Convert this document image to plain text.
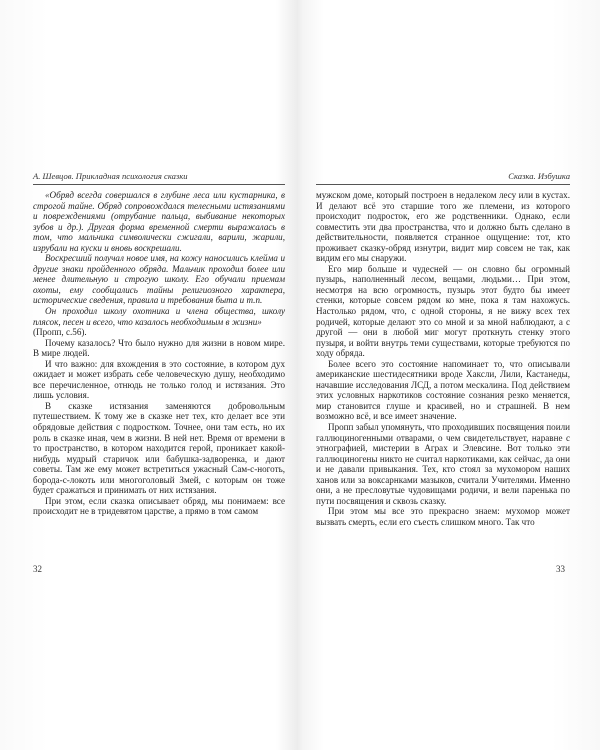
А. Шевцов. Прикладная психология сказки

«Обряд всегда совершался в глубине леса или кустарника, в строгой тайне. Обряд сопровождался телесными истязаниями и повреждениями (отрубание пальца, выбивание некоторых зубов и др.). Другая форма временной смерти выражалась в том, что мальчика символически сжигали, варили, жарили, изрубали на куски и вновь воскрешали.

Воскресший получал новое имя, на кожу наносились клейма и другие знаки пройденного обряда. Мальчик проходил более или менее длительную и строгую школу. Его обучали приемам охоты, ему сообщались тайны религиозного характера, исторические сведения, правила и требования быта и т.п.

Он проходил школу охотника и члена общества, школу плясок, песен и всего, что казалось необходимым в жизни»

(Пропп, с.56).

Почему казалось? Что было нужно для жизни в новом мире. В мире людей.

И что важно: для вхождения в это состояние, в котором дух ожидает и может избрать себе человеческую душу, необходимо все перечисленное, отнюдь не только голод и истязания. Это лишь условия.

В сказке истязания заменяются добровольным путешествием. К тому же в сказке нет тех, кто делает все эти обрядовые действия с подростком. Точнее, они там есть, но их роль в сказке иная, чем в жизни. В ней нет. Время от времени в то пространство, в котором находится герой, проникает какой-нибудь мудрый старичок или бабушка-задворенка, и дают советы. Там же ему может встретиться ужасный Сам-с-ноготь, борода-с-локоть или многоголовый Змей, с которым он тоже будет сражаться и принимать от них истязания.

При этом, если сказка описывает обряд, мы понимаем: все происходит не в тридевятом царстве, а прямо в том самом

Сказка. Избушка

мужском доме, который построен в недалеком лесу или в кустах. И делают всё это старшие того же племени, из которого происходит подросток, его же родственники. Однако, если совместить эти два пространства, что и должно быть сделано в действительности, появляется странное ощущение: тот, кто проживает сказку-обряд изнутри, видит мир совсем не так, как видим его мы снаружи.

Его мир больше и чудесней — он словно бы огромный пузырь, наполненный лесом, вещами, людьми… При этом, несмотря на всю огромность, пузырь этот будто бы имеет стенки, которые совсем рядом ко мне, пока я там нахожусь. Настолько рядом, что, с одной стороны, я не вижу всех тех родичей, которые делают это со мной и за мной наблюдают, а с другой — они в любой миг могут проткнуть стенку этого пузыря, и войти внутрь теми существами, которые требуются по ходу обряда.

Более всего это состояние напоминает то, что описывали американские шестидесятники вроде Хаксли, Лили, Кастанеды, начавшие исследования ЛСД, а потом мескалина. Под действием этих условных наркотиков состояние сознания резко меняется, мир становится глуше и красивей, но и страшней. В нем возможно всё, и все имеет значение.

Пропп забыл упомянуть, что проходивших посвящения поили галлюциногенными отварами, о чем свидетельствует, наравне с этнографией, мистерии в Аграх и Элевсине. Вот только эти галлюциногены никто не считал наркотиками, как сейчас, да они и не давали привыкания. Тех, кто стоял за мухомором наших ханов или за воксарнками мазыков, считали Учителями. Именно они, а не пресловутые чудовищами родичи, и вели паренька по пути посвящения и сквозь сказку.

При этом мы все это прекрасно знаем: мухомор может вызвать смерть, если его съесть слишком много. Так что

32	33
